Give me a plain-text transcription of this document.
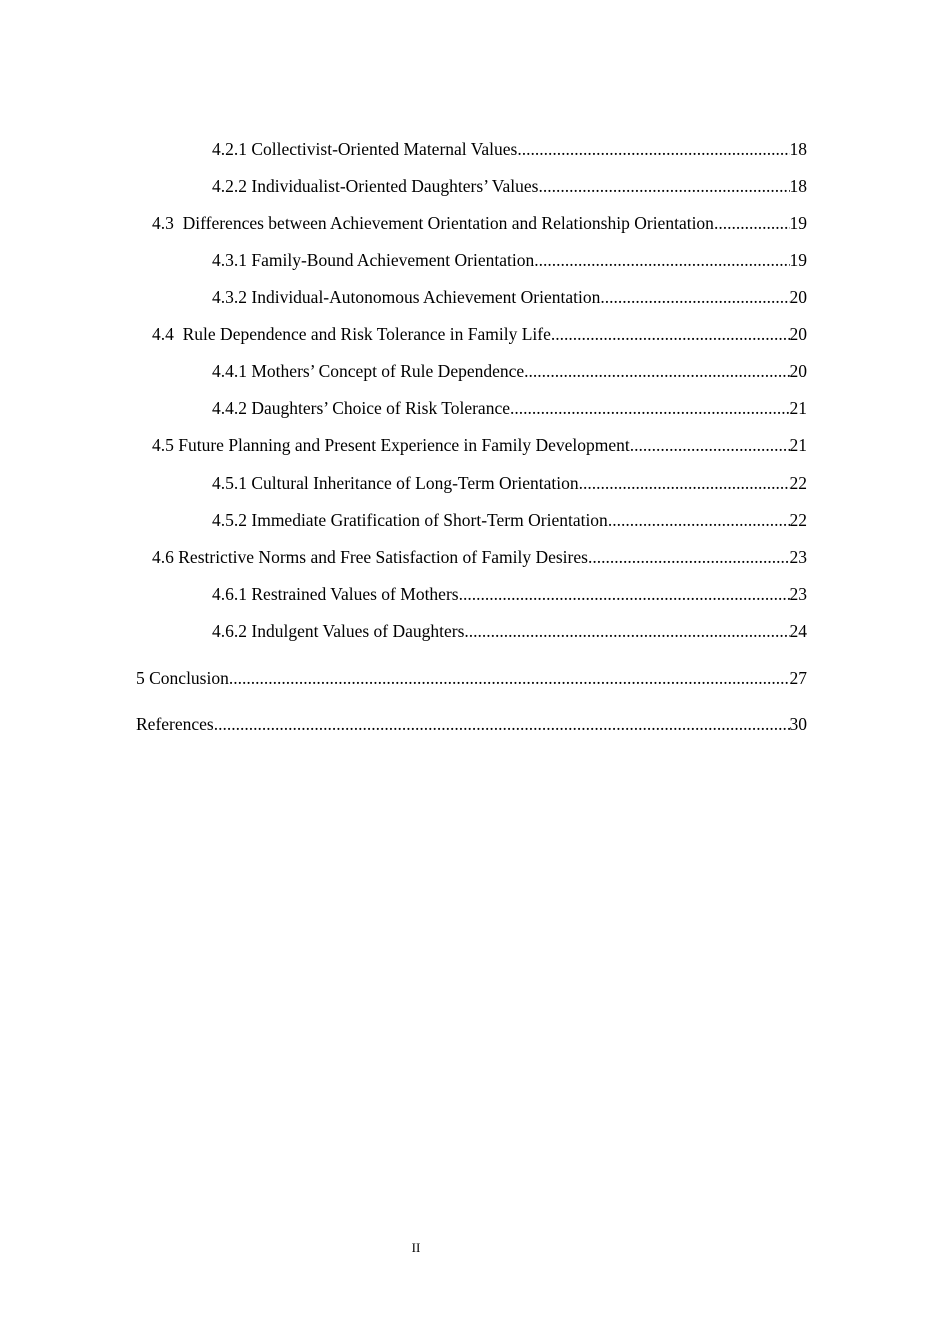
4.2.1 Collectivist-Oriented Maternal Values .....	18
4.2.2 Individualist-Oriented Daughters’ Values .....	18
4.3  Differences between Achievement Orientation and Relationship Orientation .....	19
4.3.1 Family-Bound Achievement Orientation .....	19
4.3.2 Individual-Autonomous Achievement Orientation .....	20
4.4  Rule Dependence and Risk Tolerance in Family Life .....	20
4.4.1 Mothers’ Concept of Rule Dependence .....	20
4.4.2 Daughters’ Choice of Risk Tolerance .....	21
4.5 Future Planning and Present Experience in Family Development .....	21
4.5.1 Cultural Inheritance of Long-Term Orientation .....	22
4.5.2 Immediate Gratification of Short-Term Orientation .....	22
4.6 Restrictive Norms and Free Satisfaction of Family Desires .....	23
4.6.1 Restrained Values of Mothers .....	23
4.6.2 Indulgent Values of Daughters .....	24
5 Conclusion .....	27
References .....	30
II
